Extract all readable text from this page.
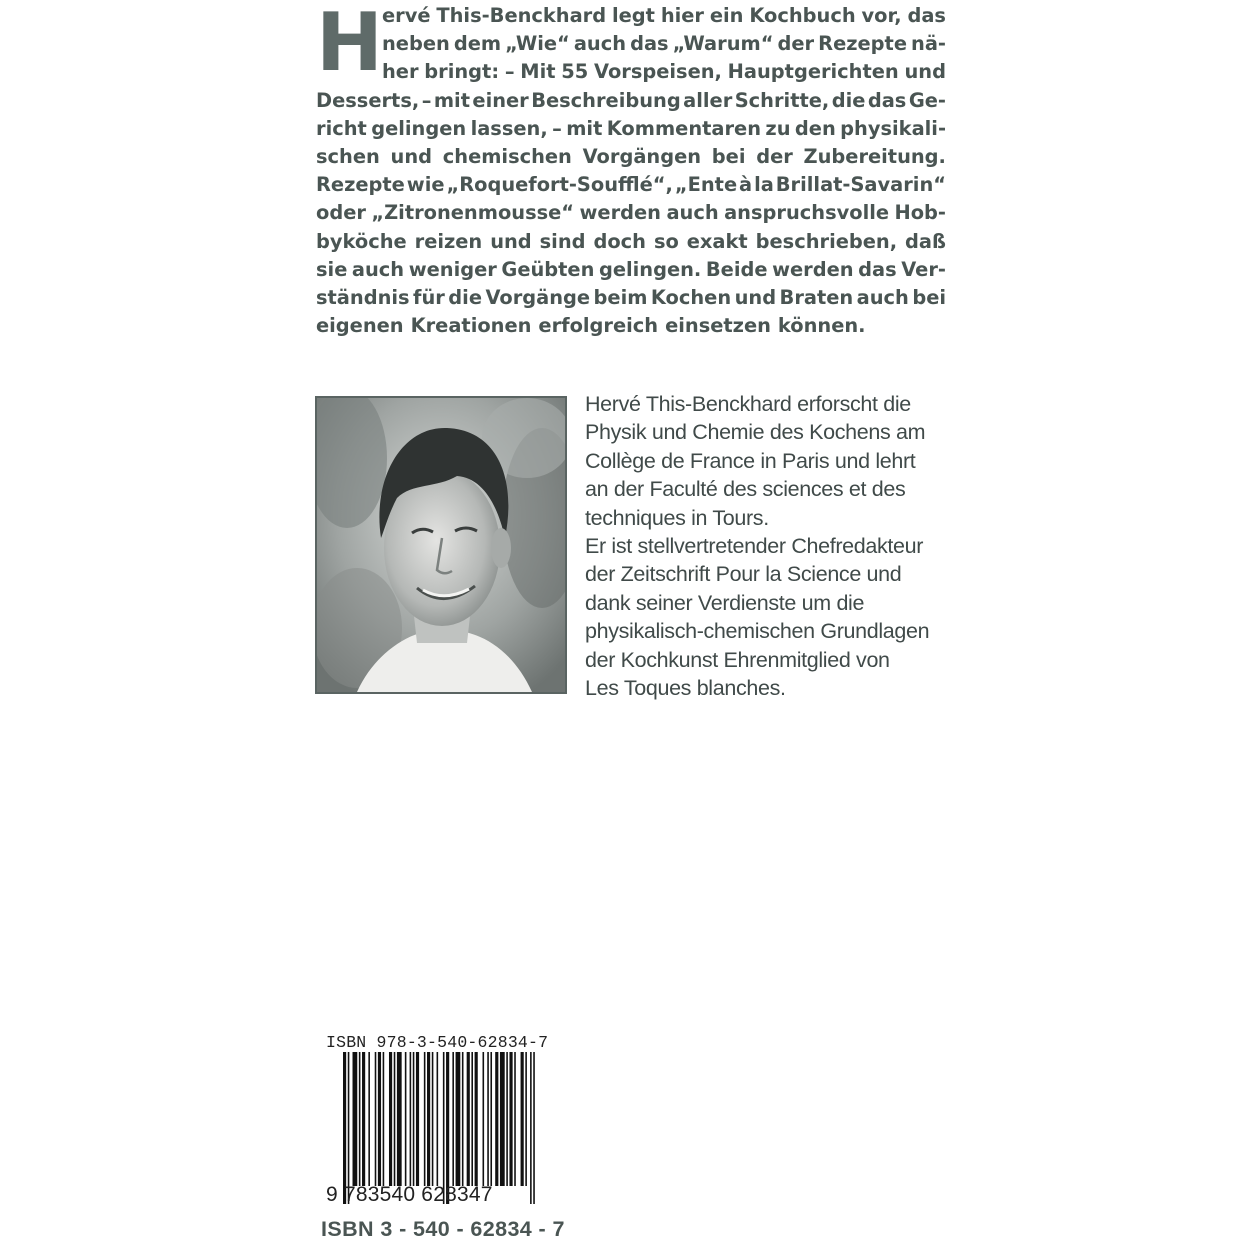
H ervé This-Benckhard legt hier ein Kochbuch vor, das
neben dem „Wie“ auch das „Warum“ der Rezepte nä-
her bringt: – Mit 55 Vorspeisen, Hauptgerichten und
Desserts, – mit einer Beschreibung aller Schritte, die das Ge-
richt gelingen lassen, – mit Kommentaren zu den physikali-
schen und chemischen Vorgängen bei der Zubereitung.
Rezepte wie „Roquefort-Soufflé“, „Ente à la Brillat-Savarin“
oder „Zitronenmousse“ werden auch anspruchsvolle Hob-
byköche reizen und sind doch so exakt beschrieben, daß
sie auch weniger Geübten gelingen. Beide werden das Ver-
ständnis für die Vorgänge beim Kochen und Braten auch bei
eigenen Kreationen erfolgreich einsetzen können.
Hervé This-Benckhard erforscht die
Physik und Chemie des Kochens am
Collège de France in Paris und lehrt
an der Faculté des sciences et des
techniques in Tours.
Er ist stellvertretender Chefredakteur
der Zeitschrift Pour la Science und
dank seiner Verdienste um die
physikalisch-chemischen Grundlagen
der Kochkunst Ehrenmitglied von
Les Toques blanches.
ISBN 978-3-540-62834-7
9 783540 628347
ISBN 3 - 540 - 62834 - 7
